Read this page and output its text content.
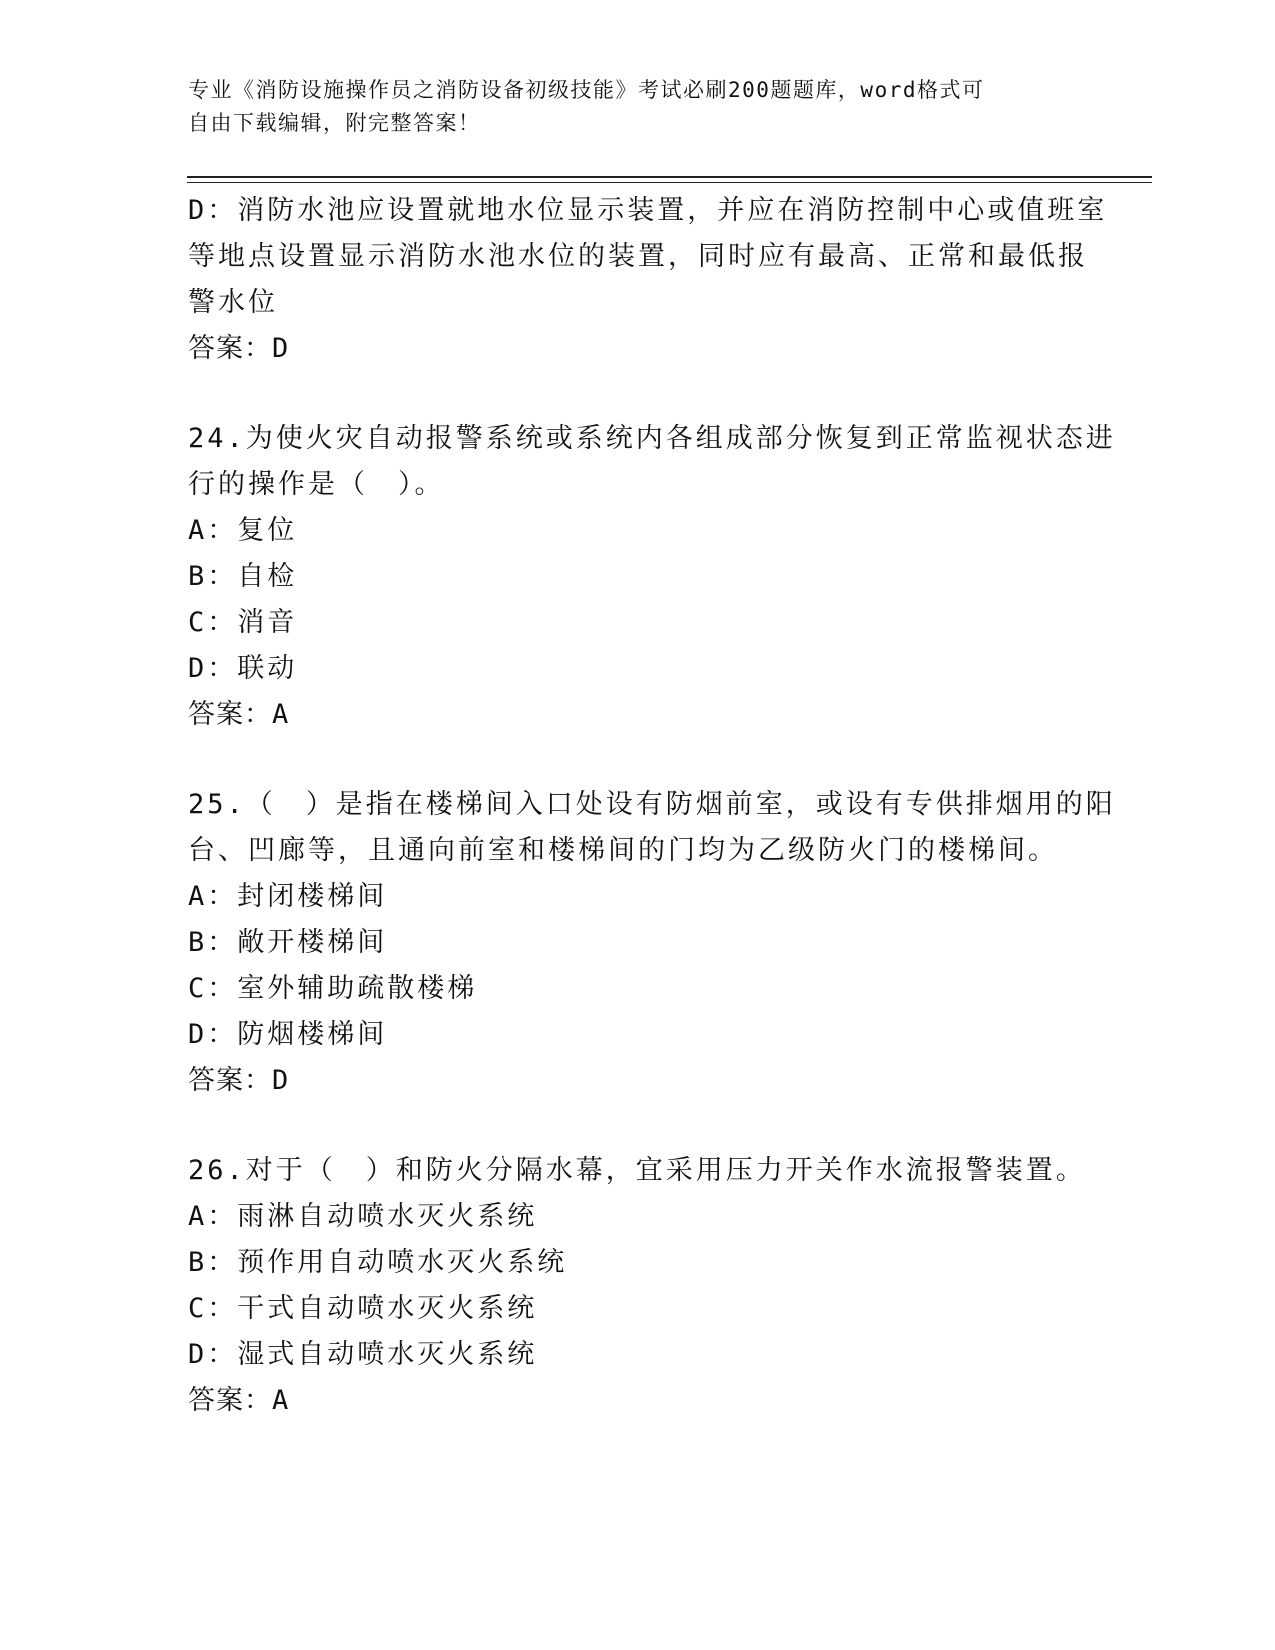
专业《消防设施操作员之消防设备初级技能》考试必刷200题题库，word格式可
自由下载编辑，附完整答案！
D：消防水池应设置就地水位显示装置，并应在消防控制中心或值班室
等地点设置显示消防水池水位的装置，同时应有最高、正常和最低报
警水位
答案：D
24.为使火灾自动报警系统或系统内各组成部分恢复到正常监视状态进
行的操作是（　）。
A：复位
B：自检
C：消音
D：联动
答案：A
25.（　）是指在楼梯间入口处设有防烟前室，或设有专供排烟用的阳
台、凹廊等，且通向前室和楼梯间的门均为乙级防火门的楼梯间。
A：封闭楼梯间
B：敞开楼梯间
C：室外辅助疏散楼梯
D：防烟楼梯间
答案：D
26.对于（　）和防火分隔水幕，宜采用压力开关作水流报警装置。
A：雨淋自动喷水灭火系统
B：预作用自动喷水灭火系统
C：干式自动喷水灭火系统
D：湿式自动喷水灭火系统
答案：A
